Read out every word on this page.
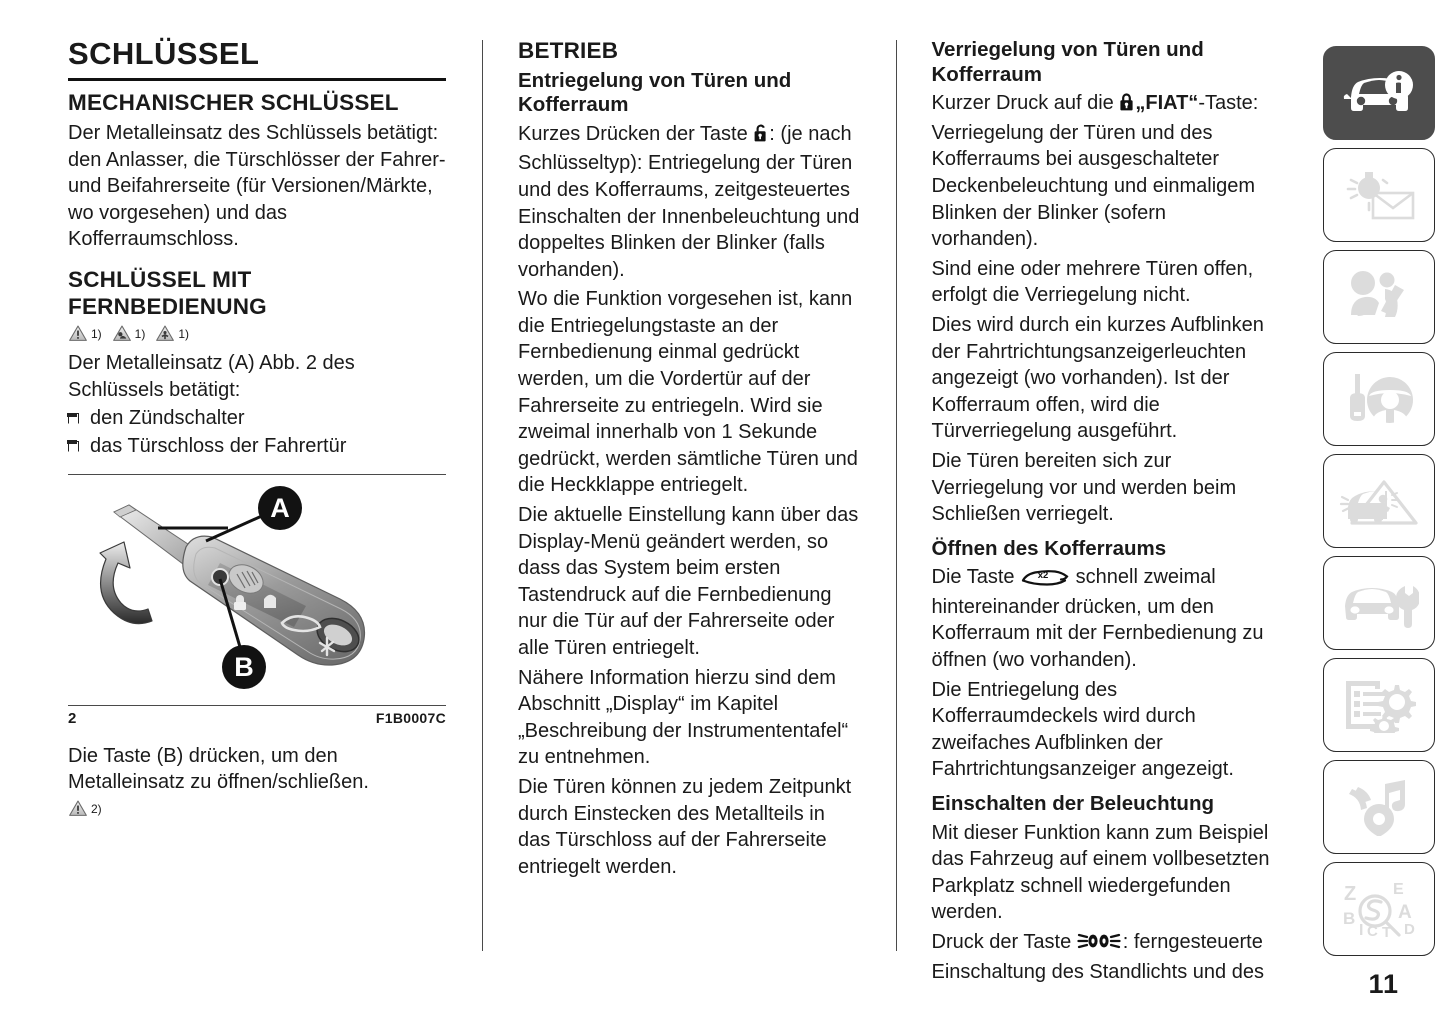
SCHLÜSSEL
MECHANISCHER SCHLÜSSEL

Der Metalleinsatz des Schlüssels betätigt: den Anlasser, die Türschlösser der Fahrer- und Beifahrerseite (für Versionen/Märkte, wo vorgesehen) und das Kofferraumschloss.

SCHLÜSSEL MIT FERNBEDIENUNG
1)	1)	1)

Der Metalleinsatz (A) Abb. 2 des Schlüssels betätigt:

den Zündschalter
das Türschloss der Fahrertür
A
B
2	F1B0007C

Die Taste (B) drücken, um den Metalleinsatz zu öffnen/schließen.

2)
BETRIEB
Entriegelung von Türen und Kofferraum

Kurzes Drücken der Taste : (je nach Schlüsseltyp): Entriegelung der Türen und des Kofferraums, zeitgesteuertes Einschalten der Innenbeleuchtung und doppeltes Blinken der Blinker (falls vorhanden).

Wo die Funktion vorgesehen ist, kann die Entriegelungstaste an der Fernbedienung einmal gedrückt werden, um die Vordertür auf der Fahrerseite zu entriegeln. Wird sie zweimal innerhalb von 1 Sekunde gedrückt, werden sämtliche Türen und die Heckklappe entriegelt.

Die aktuelle Einstellung kann über das Display-Menü geändert werden, so dass das System beim ersten Tastendruck auf die Fernbedienung nur die Tür auf der Fahrerseite oder alle Türen entriegelt.

Nähere Information hierzu sind dem Abschnitt „Display“ im Kapitel „Beschreibung der Instrumententafel“ zu entnehmen.

Die Türen können zu jedem Zeitpunkt durch Einstecken des Metallteils in das Türschloss auf der Fahrerseite entriegelt werden.

Verriegelung von Türen und Kofferraum

Kurzer Druck auf die „FIAT“-Taste: Verriegelung der Türen und des Kofferraums bei ausgeschalteter Deckenbeleuchtung und einmaligem Blinken der Blinker (sofern vorhanden).

Sind eine oder mehrere Türen offen, erfolgt die Verriegelung nicht.

Dies wird durch ein kurzes Aufblinken der Fahrtrichtungsanzeigerleuchten angezeigt (wo vorhanden). Ist der Kofferraum offen, wird die Türverriegelung ausgeführt.

Die Türen bereiten sich zur Verriegelung vor und werden beim Schließen verriegelt.

Öffnen des Kofferraums

Die Taste x2 schnell zweimal hintereinander drücken, um den Kofferraum mit der Fernbedienung zu öffnen (wo vorhanden).

Die Entriegelung des Kofferraumdeckels wird durch zweifaches Aufblinken der Fahrtrichtungsanzeiger angezeigt.

Einschalten der Beleuchtung

Mit dieser Funktion kann zum Beispiel das Fahrzeug auf einem vollbesetzten Parkplatz schnell wiedergefunden werden.

Druck der Taste : ferngesteuerte Einschaltung des Standlichts und des

Z
B
I C T
E
A
D
11
